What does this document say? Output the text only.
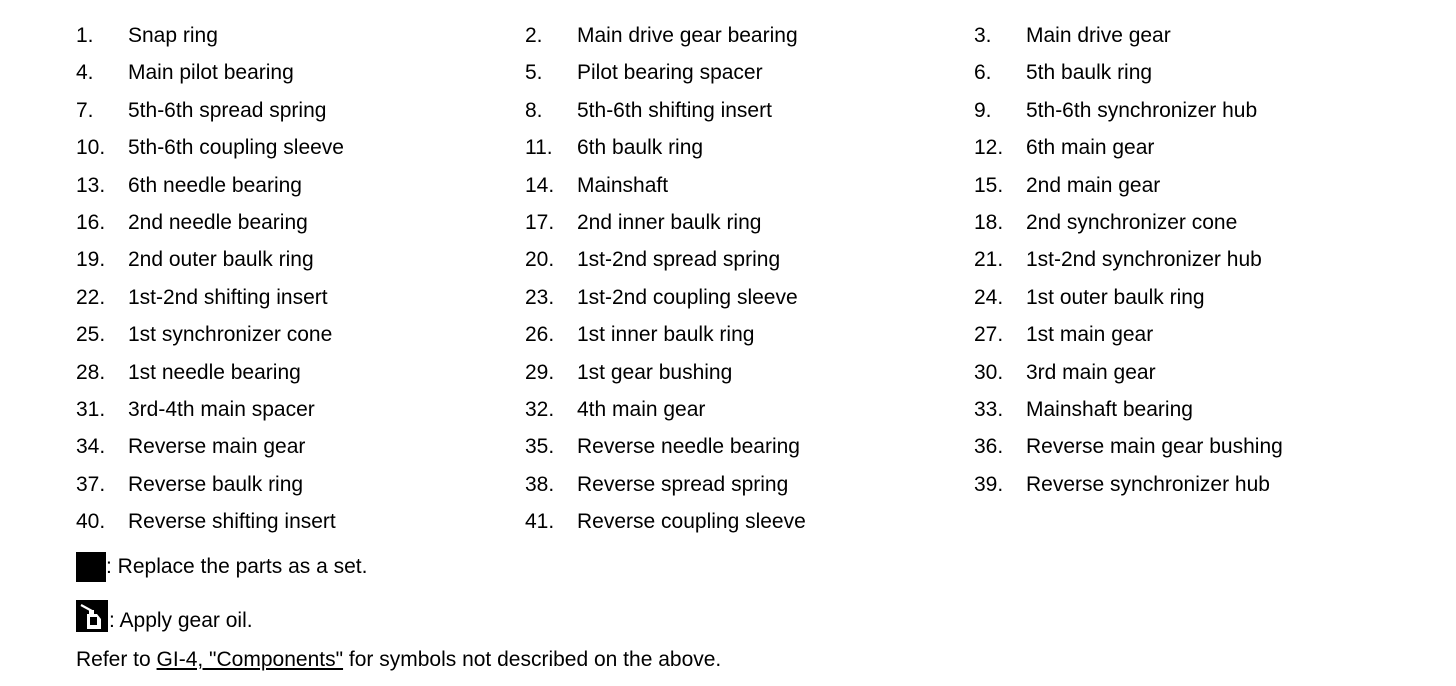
1. Snap ring	2. Main drive gear bearing	3. Main drive gear
4. Main pilot bearing	5. Pilot bearing spacer	6. 5th baulk ring
7. 5th-6th spread spring	8. 5th-6th shifting insert	9. 5th-6th synchronizer hub
10. 5th-6th coupling sleeve	11. 6th baulk ring	12. 6th main gear
13. 6th needle bearing	14. Mainshaft	15. 2nd main gear
16. 2nd needle bearing	17. 2nd inner baulk ring	18. 2nd synchronizer cone
19. 2nd outer baulk ring	20. 1st-2nd spread spring	21. 1st-2nd synchronizer hub
22. 1st-2nd shifting insert	23. 1st-2nd coupling sleeve	24. 1st outer baulk ring
25. 1st synchronizer cone	26. 1st inner baulk ring	27. 1st main gear
28. 1st needle bearing	29. 1st gear bushing	30. 3rd main gear
31. 3rd-4th main spacer	32. 4th main gear	33. Mainshaft bearing
34. Reverse main gear	35. Reverse needle bearing	36. Reverse main gear bushing
37. Reverse baulk ring	38. Reverse spread spring	39. Reverse synchronizer hub
40. Reverse shifting insert	41. Reverse coupling sleeve
: Replace the parts as a set.
: Apply gear oil.
Refer to GI-4, "Components" for symbols not described on the above.
